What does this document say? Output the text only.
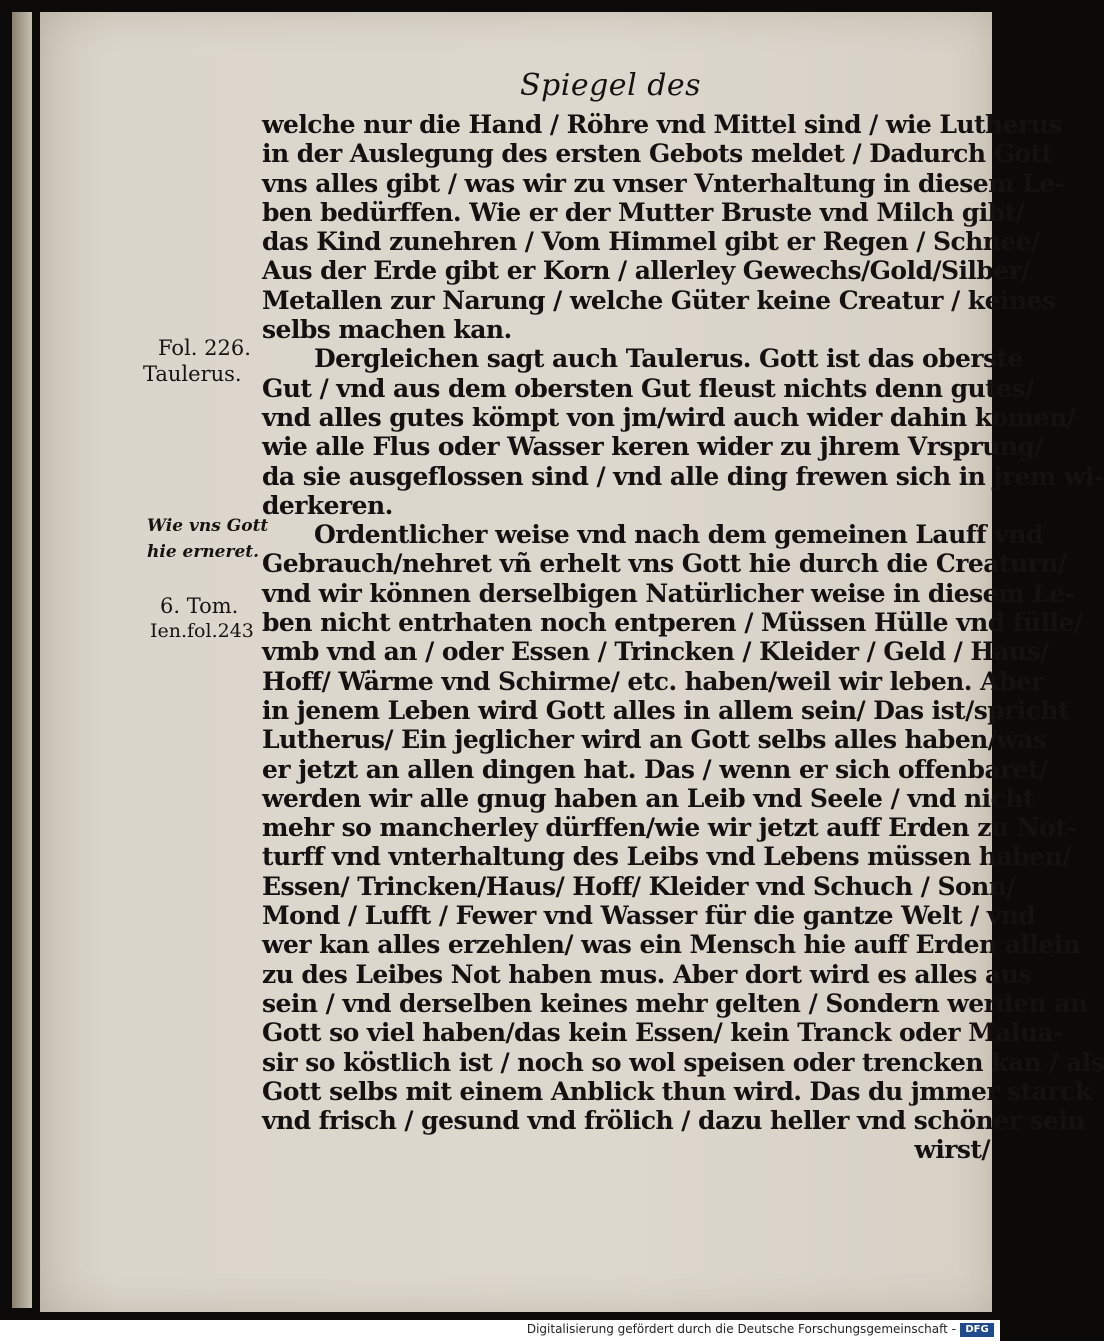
Spiegel des
Fol. 226.
Taulerus.
Wie vns Gott
hie erneret.
6. Tom.
Ien.fol.243
welche nur die Hand / Röhre vnd Mittel sind / wie Lutherus
in der Auslegung des ersten Gebots meldet / Dadurch Gott
vns alles gibt / was wir zu vnser Vnterhaltung in diesem Le-
ben bedürffen. Wie er der Mutter Bruste vnd Milch gibt/
das Kind zunehren / Vom Himmel gibt er Regen / Schnee/
Aus der Erde gibt er Korn / allerley Gewechs/Gold/Silber/
Metallen zur Narung / welche Güter keine Creatur / keines
selbs machen kan.
Dergleichen sagt auch Taulerus. Gott ist das oberste
Gut / vnd aus dem obersten Gut fleust nichts denn gutes/
vnd alles gutes kömpt von jm/wird auch wider dahin komen/
wie alle Flus oder Wasser keren wider zu jhrem Vrsprung/
da sie ausgeflossen sind / vnd alle ding frewen sich in jrem wi-
derkeren.
Ordentlicher weise vnd nach dem gemeinen Lauff vnd
Gebrauch/nehret vñ erhelt vns Gott hie durch die Creaturn/
vnd wir können derselbigen Natürlicher weise in diesem Le-
ben nicht entrhaten noch entperen / Müssen Hülle vnd fülle/
vmb vnd an / oder Essen / Trincken / Kleider / Geld / Haus/
Hoff/ Wärme vnd Schirme/ etc. haben/weil wir leben. Aber
in jenem Leben wird Gott alles in allem sein/ Das ist/spricht
Lutherus/ Ein jeglicher wird an Gott selbs alles haben/was
er jetzt an allen dingen hat. Das / wenn er sich offenbaret/
werden wir alle gnug haben an Leib vnd Seele / vnd nicht
mehr so mancherley dürffen/wie wir jetzt auff Erden zu Not-
turff vnd vnterhaltung des Leibs vnd Lebens müssen haben/
Essen/ Trincken/Haus/ Hoff/ Kleider vnd Schuch / Sonn/
Mond / Lufft / Fewer vnd Wasser für die gantze Welt / vnd
wer kan alles erzehlen/ was ein Mensch hie auff Erden allein
zu des Leibes Not haben mus. Aber dort wird es alles aus
sein / vnd derselben keines mehr gelten / Sondern werden an
Gott so viel haben/das kein Essen/ kein Tranck oder Malua-
sir so köstlich ist / noch so wol speisen oder trencken kan / als
Gott selbs mit einem Anblick thun wird. Das du jmmer starck
vnd frisch / gesund vnd frölich / dazu heller vnd schöner sein
wirst/
Digitalisierung gefördert durch die Deutsche Forschungsgemeinschaft - DFG
